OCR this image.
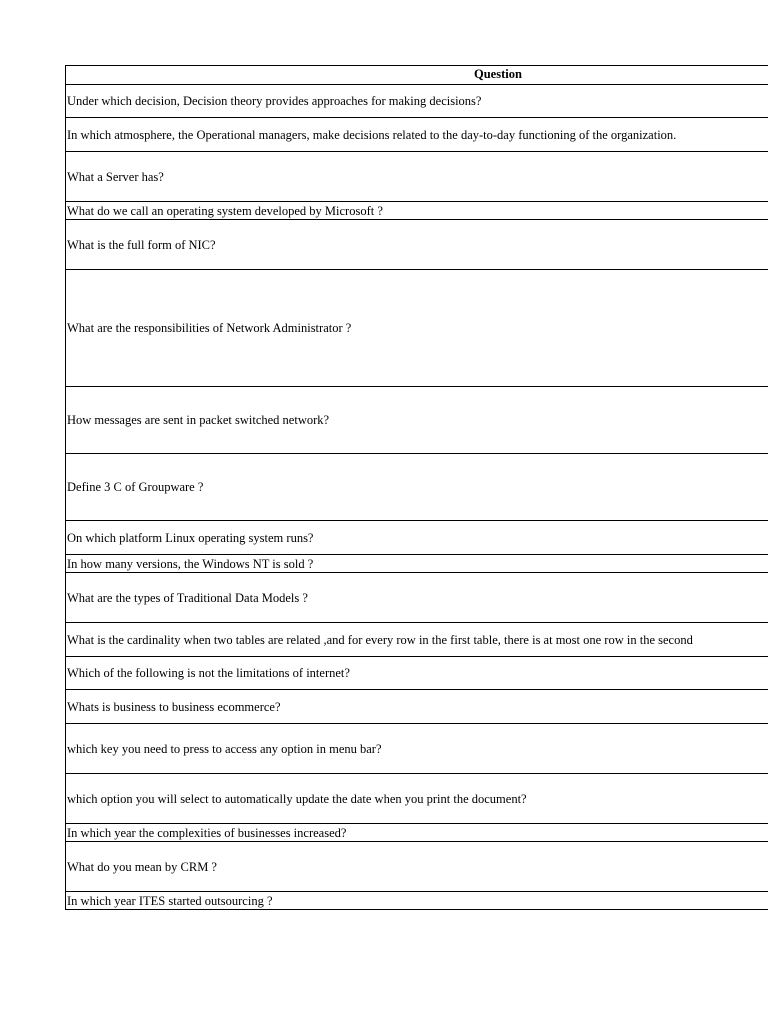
Question
Under which decision, Decision theory provides approaches for making decisions?
In which atmosphere, the Operational managers, make decisions related to the day-to-day functioning of the organization.
What a Server has?
What do we call an operating system developed by Microsoft ?
What is the full form of NIC?
What are the responsibilities of Network Administrator ?
How messages are sent in packet switched network?
Define 3 C of Groupware ?
On which platform Linux operating system runs?
In how many versions, the Windows NT is sold ?
What are the types of Traditional Data Models ?
What is the cardinality when two tables are related ,and for every row in the first table, there is at most one row in the second
Which of the following is not the limitations of internet?
Whats is business to business ecommerce?
which key you need to press to access any option in menu bar?
which option you will select to automatically update the date when you print the document?
In which year the complexities of businesses increased?
What do you mean by CRM ?
In which year ITES started outsourcing ?
